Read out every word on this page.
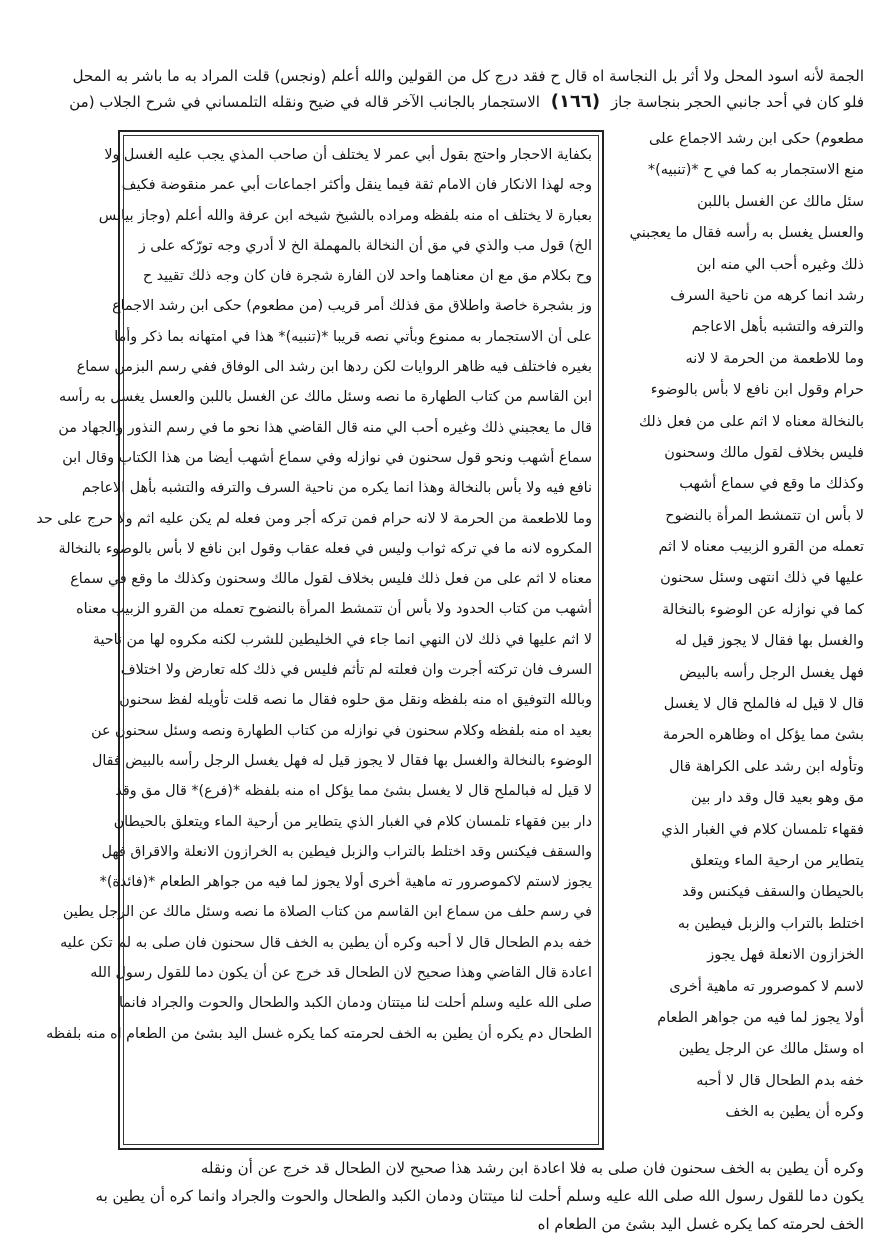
الجمة لأنه اسود المحل ولا أثر بل النجاسة اه قال ح فقد درج كل من القولين والله أعلم (ونجس) قلت المراد به ما باشر به المحل
فلو كان في أحد جانبي الحجر بنجاسة جاز (١٦٦) الاستجمار بالجانب الآخر قاله في ضيح ونقله التلمساني في شرح الجلاب (من
بكفاية الاحجار واحتج بقول أبي عمر لا يختلف أن صاحب المذي يجب عليه الغسل ولا
وجه لهذا الانكار فان الامام ثقة فيما ينقل وأكثر اجماعات أبي عمر منقوضة فكيف
بعبارة لا يختلف اه منه بلفظه ومراده بالشيخ شيخه ابن عرفة والله أعلم (وجاز بيابس
الخ) قول مب والذي في مق أن النخالة بالمهملة الخ لا أدري وجه تورّكه على ز
وح بكلام مق مع ان معناهما واحد لان الفارة شجرة فان كان وجه ذلك تقييد ح
وز بشجرة خاصة واطلاق مق فذلك أمر قريب (من مطعوم) حكى ابن رشد الاجماع
على أن الاستجمار به ممنوع وبأتي نصه قريبا *(تنبيه)* هذا في امتهانه بما ذكر وأما
بغيره فاختلف فيه ظاهر الروايات لكن ردها ابن رشد الى الوفاق ففي رسم البزمن سماع
ابن القاسم من كتاب الطهارة ما نصه وسئل مالك عن الغسل باللبن والعسل يغسل به رأسه
قال ما يعجبني ذلك وغيره أحب الي منه قال القاضي هذا نحو ما في رسم النذور والجهاد من
سماع أشهب ونحو قول سحنون في نوازله وفي سماع أشهب أيضا من هذا الكتاب وقال ابن
نافع فيه ولا بأس بالنخالة وهذا انما يكره من ناحية السرف والترفه والتشبه بأهل الاعاجم
وما للاطعمة من الحرمة لا لانه حرام فمن تركه أجر ومن فعله لم يكن عليه اثم ولا حرج على حد
المكروه لانه ما في تركه ثواب وليس في فعله عقاب وقول ابن نافع لا بأس بالوضوء بالنخالة
معناه لا اثم على من فعل ذلك فليس بخلاف لقول مالك وسحنون وكذلك ما وقع في سماع
أشهب من كتاب الحدود ولا بأس أن تتمشط المرأة بالنضوح تعمله من القرو الزبيب معناه
لا اثم عليها في ذلك لان النهي انما جاء في الخليطين للشرب لكنه مكروه لها من ناحية
السرف فان تركته أجرت وان فعلته لم تأثم فليس في ذلك كله تعارض ولا اختلاف
وبالله التوفيق اه منه بلفظه ونقل مق حلوه فقال ما نصه قلت تأويله لفظ سحنون
بعيد اه منه بلفظه وكلام سحنون في نوازله من كتاب الطهارة ونصه وسئل سحنون عن
الوضوء بالنخالة والغسل بها فقال لا يجوز قيل له فهل يغسل الرجل رأسه بالبيض فقال
لا قيل له فبالملح قال لا يغسل بشئ مما يؤكل اه منه بلفظه *(فرع)* قال مق وقد
دار بين فقهاء تلمسان كلام في الغبار الذي يتطاير من أرحية الماء ويتعلق بالحيطان
والسقف فيكنس وقد اختلط بالتراب والزبل فيطين به الخرازون الانعلة والاقراق فهل
يجوز لاستم لاكموصرور ته ماهية أخرى أولا يجوز لما فيه من جواهر الطعام *(فائدة)*
في رسم حلف من سماع ابن القاسم من كتاب الصلاة ما نصه وسئل مالك عن الرجل يطين
خفه بدم الطحال قال لا أحبه وكره أن يطين به الخف قال سحنون فان صلى به لم تكن عليه
اعادة قال القاضي وهذا صحيح لان الطحال قد خرج عن أن يكون دما للقول رسول الله
صلى الله عليه وسلم أحلت لنا ميتتان ودمان الكبد والطحال والحوت والجراد فانما
الطحال دم يكره أن يطين به الخف لحرمته كما يكره غسل اليد بشئ من الطعام اه منه بلفظه
مطعوم) حكى ابن رشد الاجماع على
منع الاستجمار به كما في ح *(تنبيه)*
سئل مالك عن الغسل باللبن
والعسل يغسل به رأسه فقال ما يعجبني
ذلك وغيره أحب الي منه ابن
رشد انما كرهه من ناحية السرف
والترفه والتشبه بأهل الاعاجم
وما للاطعمة من الحرمة لا لانه
حرام وقول ابن نافع لا بأس بالوضوء
بالنخالة معناه لا اثم على من فعل ذلك
فليس بخلاف لقول مالك وسحنون
وكذلك ما وقع في سماع أشهب
لا بأس ان تتمشط المرأة بالنضوح
تعمله من القرو الزبيب معناه لا اثم
عليها في ذلك انتهى وسئل سحنون
كما في نوازله عن الوضوء بالنخالة
والغسل بها فقال لا يجوز قيل له
فهل يغسل الرجل رأسه بالبيض
قال لا قيل له فالملح قال لا يغسل
بشئ مما يؤكل اه وظاهره الحرمة
وتأوله ابن رشد على الكراهة قال
مق وهو بعيد قال وقد دار بين
فقهاء تلمسان كلام في الغبار الذي
يتطاير من ارحية الماء ويتعلق
بالحيطان والسقف فيكنس وقد
اختلط بالتراب والزبل فيطين به
الخزازون الانعلة فهل يجوز
لاسم لا كموصرور ته ماهية أخرى
أولا يجوز لما فيه من جواهر الطعام
اه وسئل مالك عن الرجل يطين
خفه بدم الطحال قال لا أحبه
وكره أن يطين به الخف
وكره أن يطين به الخف سحنون فان صلى به فلا اعادة ابن رشد هذا صحيح لان الطحال قد خرج عن أن ونقله
يكون دما للقول رسول الله صلى الله عليه وسلم أحلت لنا ميتتان ودمان الكبد والطحال والحوت والجراد وانما كره أن يطين به
الخف لحرمته كما يكره غسل اليد بشئ من الطعام اه
